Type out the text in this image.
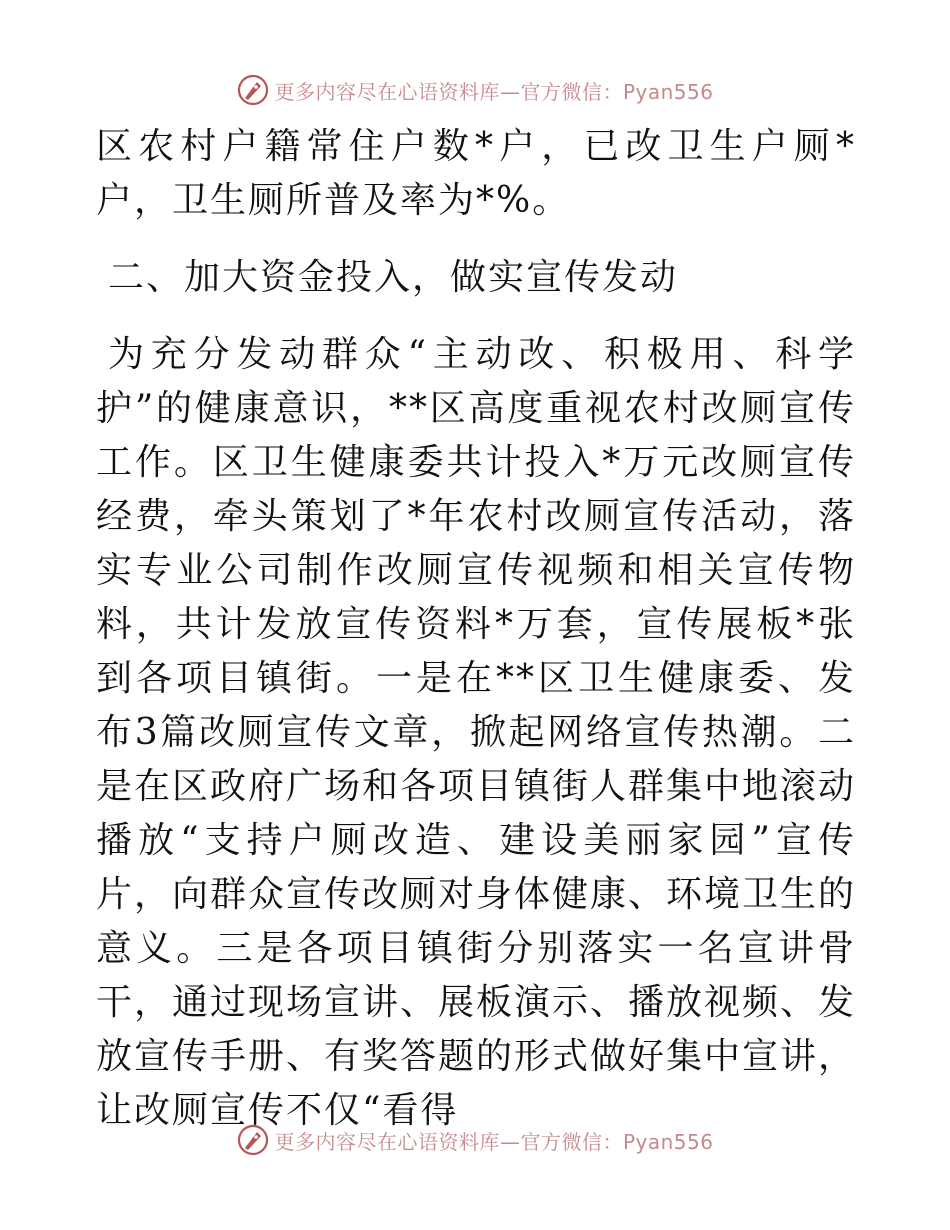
更多内容尽在心语资料库—官方微信：Pyan556

区农村户籍常住户数*户，已改卫生户厕*户，卫生厕所普及率为*%。

二、加大资金投入，做实宣传发动

为充分发动群众“主动改、积极用、科学护”的健康意识，**区高度重视农村改厕宣传工作。区卫生健康委共计投入*万元改厕宣传经费，牵头策划了*年农村改厕宣传活动，落实专业公司制作改厕宣传视频和相关宣传物料，共计发放宣传资料*万套，宣传展板*张到各项目镇街。一是在**区卫生健康委、发布3篇改厕宣传文章，掀起网络宣传热潮。二是在区政府广场和各项目镇街人群集中地滚动播放“支持户厕改造、建设美丽家园”宣传片，向群众宣传改厕对身体健康、环境卫生的意义。三是各项目镇街分别落实一名宣讲骨干，通过现场宣讲、展板演示、播放视频、发放宣传手册、有奖答题的形式做好集中宣讲，让改厕宣传不仅“看得

更多内容尽在心语资料库—官方微信：Pyan556
